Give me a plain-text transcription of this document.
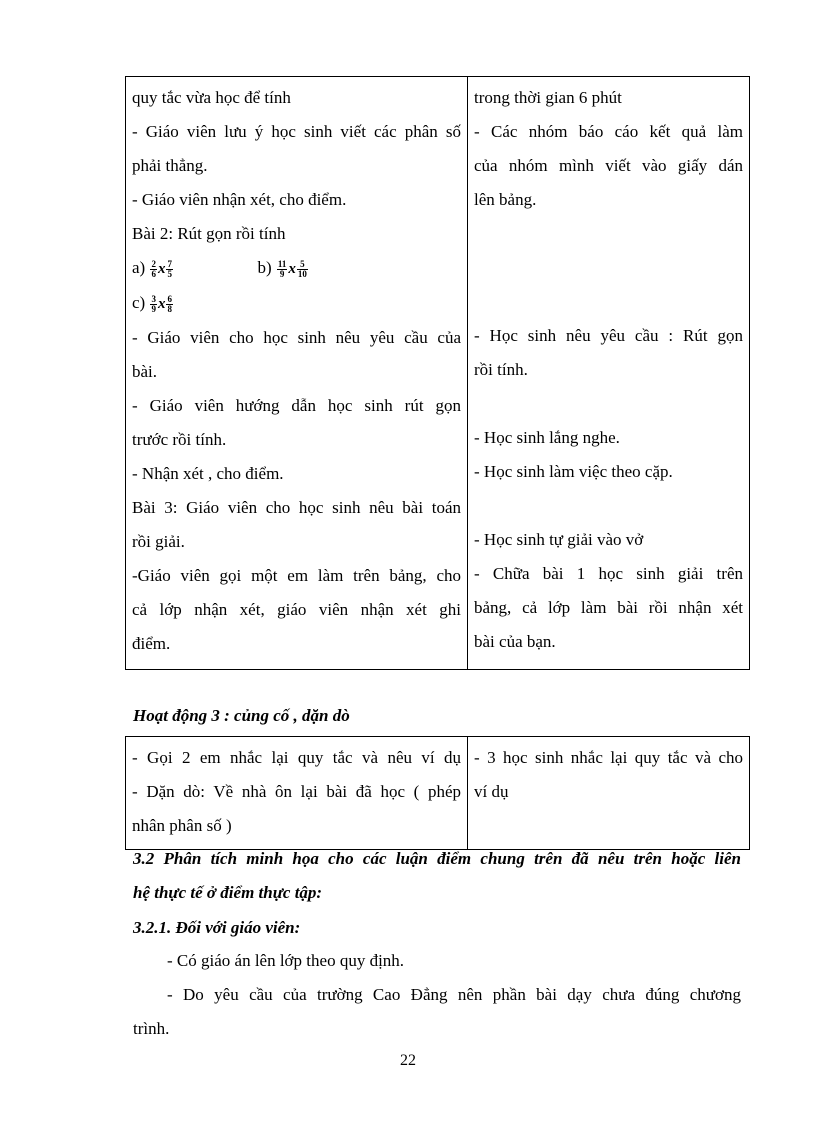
quy tắc vừa học để tính
- Giáo viên lưu ý học sinh viết các phân số
phải thẳng.
- Giáo viên nhận xét, cho điểm.
Bài 2: Rút gọn rồi tính
$a) \frac{2}{6}$ x $\frac{7}{5}$	$b) \frac{11}{9}$ x $\frac{5}{10}$
$c) \frac{3}{9}$ x $\frac{6}{8}$
- Giáo viên cho học sinh nêu yêu cầu của
bài.
- Giáo viên hướng dẫn học sinh rút gọn
trước rồi tính.
- Nhận xét , cho điểm.
Bài 3: Giáo viên cho học sinh nêu bài toán
rồi giải.
-Giáo viên gọi một em làm trên bảng, cho
cả lớp nhận xét, giáo viên nhận xét ghi
điểm.

trong thời gian 6 phút
- Các nhóm báo cáo kết quả làm
của nhóm mình viết vào giấy dán
lên bảng.
- Học sinh nêu yêu cầu : Rút gọn
rồi tính.
- Học sinh lắng nghe.
- Học sinh làm việc theo cặp.
- Học sinh tự giải vào vở
- Chữa bài 1 học sinh giải trên
bảng, cả lớp làm bài rồi nhận xét
bài của bạn.
Hoạt động 3 : củng cố , dặn dò
- Gọi 2 em nhắc lại quy tắc và nêu ví dụ
- Dặn dò: Về nhà ôn lại bài đã học ( phép
nhân phân số )

- 3 học sinh nhắc lại quy tắc và cho
ví dụ
3.2 Phân tích minh họa cho các luận điểm chung trên đã nêu trên hoặc liên
hệ thực tế ở điểm thực tập:
3.2.1. Đối với giáo viên:
- Có giáo án lên lớp theo quy định.
- Do yêu cầu của trường Cao Đẳng nên phần bài dạy chưa đúng chương
trình.
22
